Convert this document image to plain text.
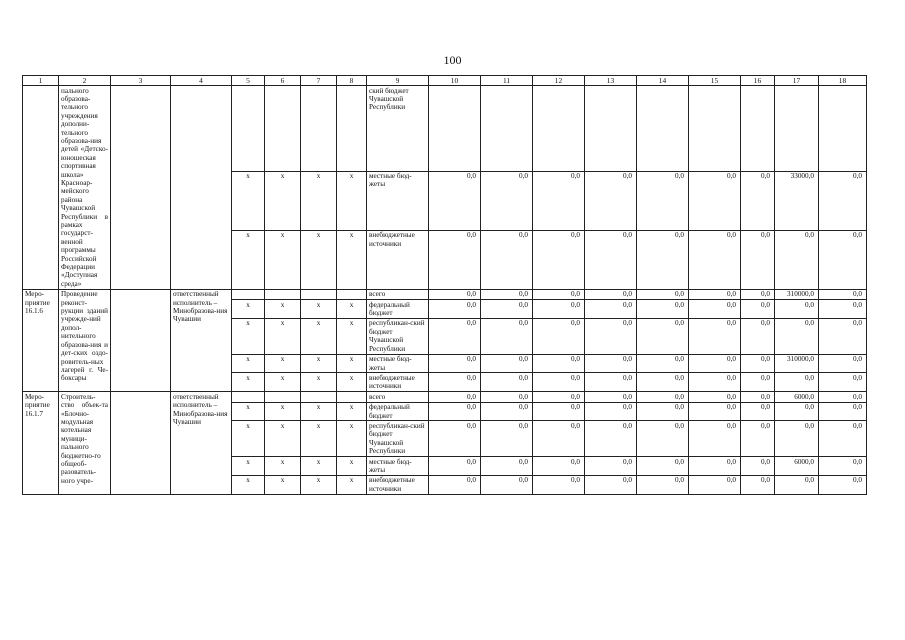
100
1	2	3	4	5	6	7	8	9	10	11	12	13	14	15	16	17	18
	пального образова-тельного учреждения дополни-тельного образова-ния детей «Детско-юношеская спортивная школа» Красноар-мейского района Чувашской Республики в рамках государст-венной программы Российской Федерации «Доступная среда»							ский бюджет Чувашской Республики									
				х	х	х	х	местные бюд-жеты	0,0	0,0	0,0	0,0	0,0	0,0	0,0	33000,0	0,0
				х	х	х	х	внебюджетные источники	0,0	0,0	0,0	0,0	0,0	0,0	0,0	0,0	0,0
Меро-приятие 16.1.6	Проведение реконст-рукции зданий учрежде-ний допол-нительного образова-ния и дет-ских оздо-ровитель-ных лагерей г. Че-боксары		ответственный исполнитель – Минобразова-ния Чувашии					всего	0,0	0,0	0,0	0,0	0,0	0,0	0,0	310000,0	0,0
				х	х	х	х	федеральный бюджет	0,0	0,0	0,0	0,0	0,0	0,0	0,0	0,0	0,0
				х	х	х	х	республикан-ский бюджет Чувашской Республики	0,0	0,0	0,0	0,0	0,0	0,0	0,0	0,0	0,0
				х	х	х	х	местные бюд-жеты	0,0	0,0	0,0	0,0	0,0	0,0	0,0	310000,0	0,0
				х	х	х	х	внебюджетные источники	0,0	0,0	0,0	0,0	0,0	0,0	0,0	0,0	0,0
Меро-приятие 16.1.7	Строитель-ство объек-та «Блочно-модульная котельная муници-пального бюджетно-го общеоб-разователь-ного учре-		ответственный исполнитель – Минобразова-ния Чувашии					всего	0,0	0,0	0,0	0,0	0,0	0,0	0,0	6000,0	0,0
				х	х	х	х	федеральный бюджет	0,0	0,0	0,0	0,0	0,0	0,0	0,0	0,0	0,0
				х	х	х	х	республикан-ский бюджет Чувашской Республики	0,0	0,0	0,0	0,0	0,0	0,0	0,0	0,0	0,0
				х	х	х	х	местные бюд-жеты	0,0	0,0	0,0	0,0	0,0	0,0	0,0	6000,0	0,0
				х	х	х	х	внебюджетные источники	0,0	0,0	0,0	0,0	0,0	0,0	0,0	0,0	0,0
